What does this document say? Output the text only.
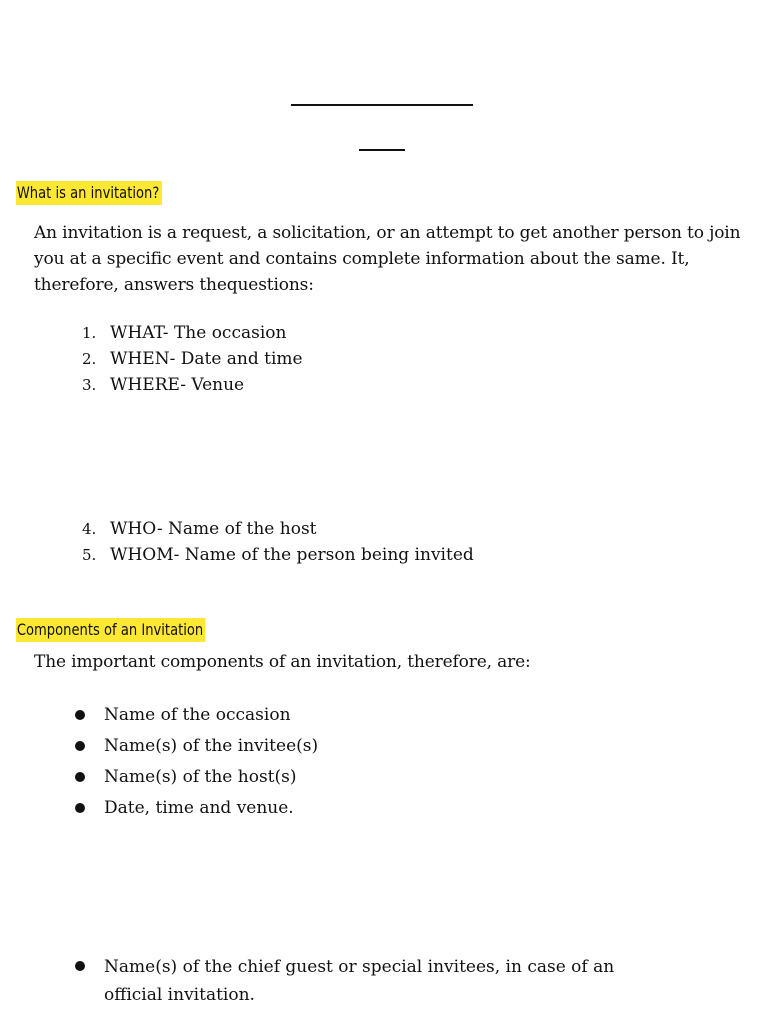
What is an invitation?

An invitation is a request, a solicitation, or an attempt to get another person to join
you at a specific event and contains complete information about the same. It,
therefore, answers thequestions:

1. WHAT- The occasion
2. WHEN- Date and time
3. WHERE- Venue
4. WHO- Name of the host
5. WHOM- Name of the person being invited
Components of an Invitation

The important components of an invitation, therefore, are:

Name of the occasion
Name(s) of the invitee(s)
Name(s) of the host(s)
Date, time and venue.
Name(s) of the chief guest or special invitees, in case of an
official invitation.
